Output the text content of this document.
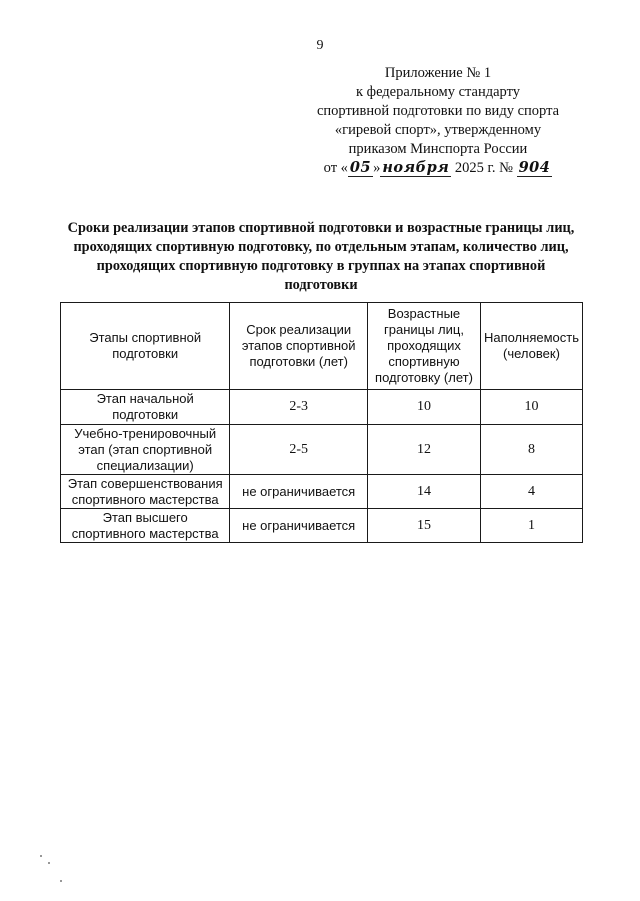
9
Приложение № 1
к федеральному стандарту
спортивной подготовки по виду спорта
«гиревой спорт», утвержденному
приказом Минспорта России
от « 05 » ноября 2025 г. № 904
Сроки реализации этапов спортивной подготовки и возрастные границы лиц, проходящих спортивную подготовку, по отдельным этапам, количество лиц, проходящих спортивную подготовку в группах на этапах спортивной подготовки
Этапы спортивной подготовки	Срок реализации этапов спортивной подготовки (лет)	Возрастные границы лиц, проходящих спортивную подготовку (лет)	Наполняемость (человек)
Этап начальной подготовки	2-3	10	10
Учебно-тренировочный этап (этап спортивной специализации)	2-5	12	8
Этап совершенствования спортивного мастерства	не ограничивается	14	4
Этап высшего спортивного мастерства	не ограничивается	15	1
